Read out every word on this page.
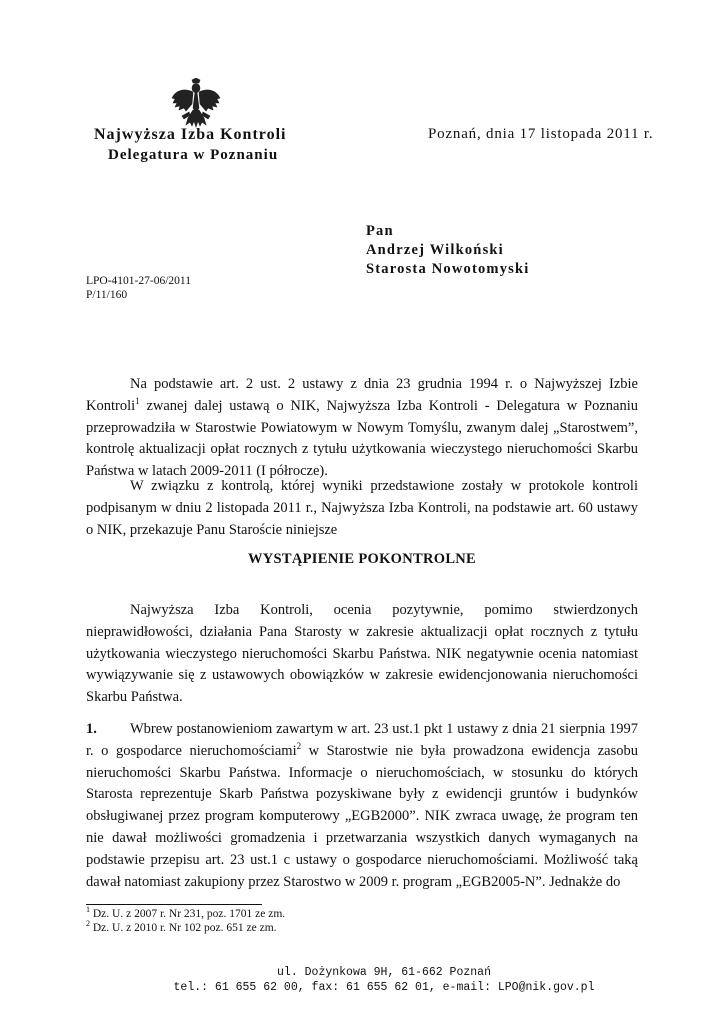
Najwyższa Izba Kontroli
Delegatura w Poznaniu
Poznań, dnia 17 listopada 2011 r.
Pan
Andrzej Wilkoński
Starosta Nowotomyski
LPO-4101-27-06/2011
P/11/160

Na podstawie art. 2 ust. 2 ustawy z dnia 23 grudnia 1994 r. o Najwyższej Izbie Kontroli$^1$ zwanej dalej ustawą o NIK, Najwyższa Izba Kontroli - Delegatura w Poznaniu przeprowadziła w Starostwie Powiatowym w Nowym Tomyślu, zwanym dalej „Starostwem”, kontrolę aktualizacji opłat rocznych z tytułu użytkowania wieczystego nieruchomości Skarbu Państwa w latach 2009-2011 (I półrocze).

W związku z kontrolą, której wyniki przedstawione zostały w protokole kontroli podpisanym w dniu 2 listopada 2011 r., Najwyższa Izba Kontroli, na podstawie art. 60 ustawy o NIK, przekazuje Panu Staroście niniejsze

WYSTĄPIENIE POKONTROLNE

Najwyższa Izba Kontroli, ocenia pozytywnie, pomimo stwierdzonych nieprawidłowości, działania Pana Starosty w zakresie aktualizacji opłat rocznych z tytułu użytkowania wieczystego nieruchomości Skarbu Państwa. NIK negatywnie ocenia natomiast wywiązywanie się z ustawowych obowiązków w zakresie ewidencjonowania nieruchomości Skarbu Państwa.

1. Wbrew postanowieniom zawartym w art. 23 ust.1 pkt 1 ustawy z dnia 21 sierpnia 1997 r. o gospodarce nieruchomościami$^2$ w Starostwie nie była prowadzona ewidencja zasobu nieruchomości Skarbu Państwa. Informacje o nieruchomościach, w stosunku do których Starosta reprezentuje Skarb Państwa pozyskiwane były z ewidencji gruntów i budynków obsługiwanej przez program komputerowy „EGB2000”. NIK zwraca uwagę, że program ten nie dawał możliwości gromadzenia i przetwarzania wszystkich danych wymaganych na podstawie przepisu art. 23 ust.1 c ustawy o gospodarce nieruchomościami. Możliwość taką dawał natomiast zakupiony przez Starostwo w 2009 r. program „EGB2005-N”. Jednakże do

$^1$ Dz. U. z 2007 r. Nr 231, poz. 1701 ze zm.
$^2$ Dz. U. z 2010 r. Nr 102 poz. 651 ze zm.
ul. Dożynkowa 9H, 61-662 Poznań
tel.: 61 655 62 00, fax: 61 655 62 01, e-mail: LPO@nik.gov.pl
